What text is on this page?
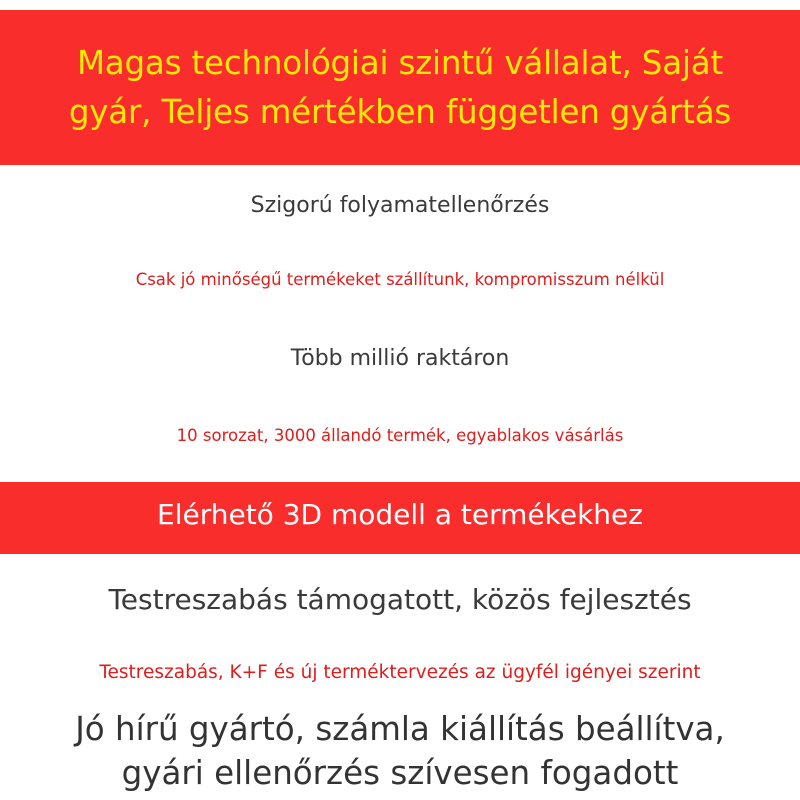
Magas technológiai szintű vállalat, Saját
gyár, Teljes mértékben független gyártás
Szigorú folyamatellenőrzés
Csak jó minőségű termékeket szállítunk, kompromisszum nélkül
Több millió raktáron
10 sorozat, 3000 állandó termék, egyablakos vásárlás
Elérhető 3D modell a termékekhez
Testreszabás támogatott, közös fejlesztés
Testreszabás, K+F és új terméktervezés az ügyfél igényei szerint
Jó hírű gyártó, számla kiállítás beállítva,
gyári ellenőrzés szívesen fogadott
